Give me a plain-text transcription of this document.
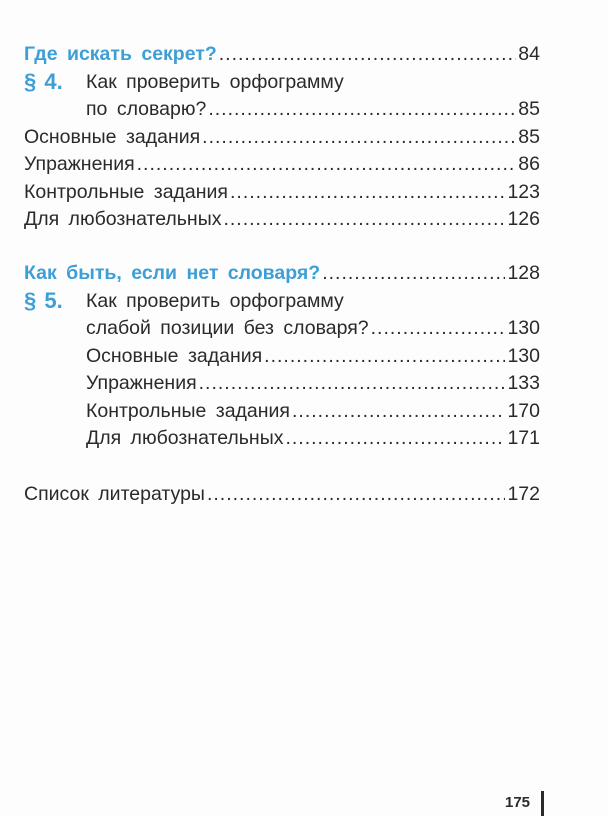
Где искать секрет? .....	84
§ 4. Как проверить орфограмму
по словарю? .....	85
Основные задания .....	85
Упражнения .....	86
Контрольные задания .....	123
Для любознательных .....	126
Как быть, если нет словаря? .....	128
§ 5. Как проверить орфограмму
слабой позиции без словаря? .....	130
Основные задания .....	130
Упражнения .....	133
Контрольные задания .....	170
Для любознательных .....	171
Список литературы .....	172
175
